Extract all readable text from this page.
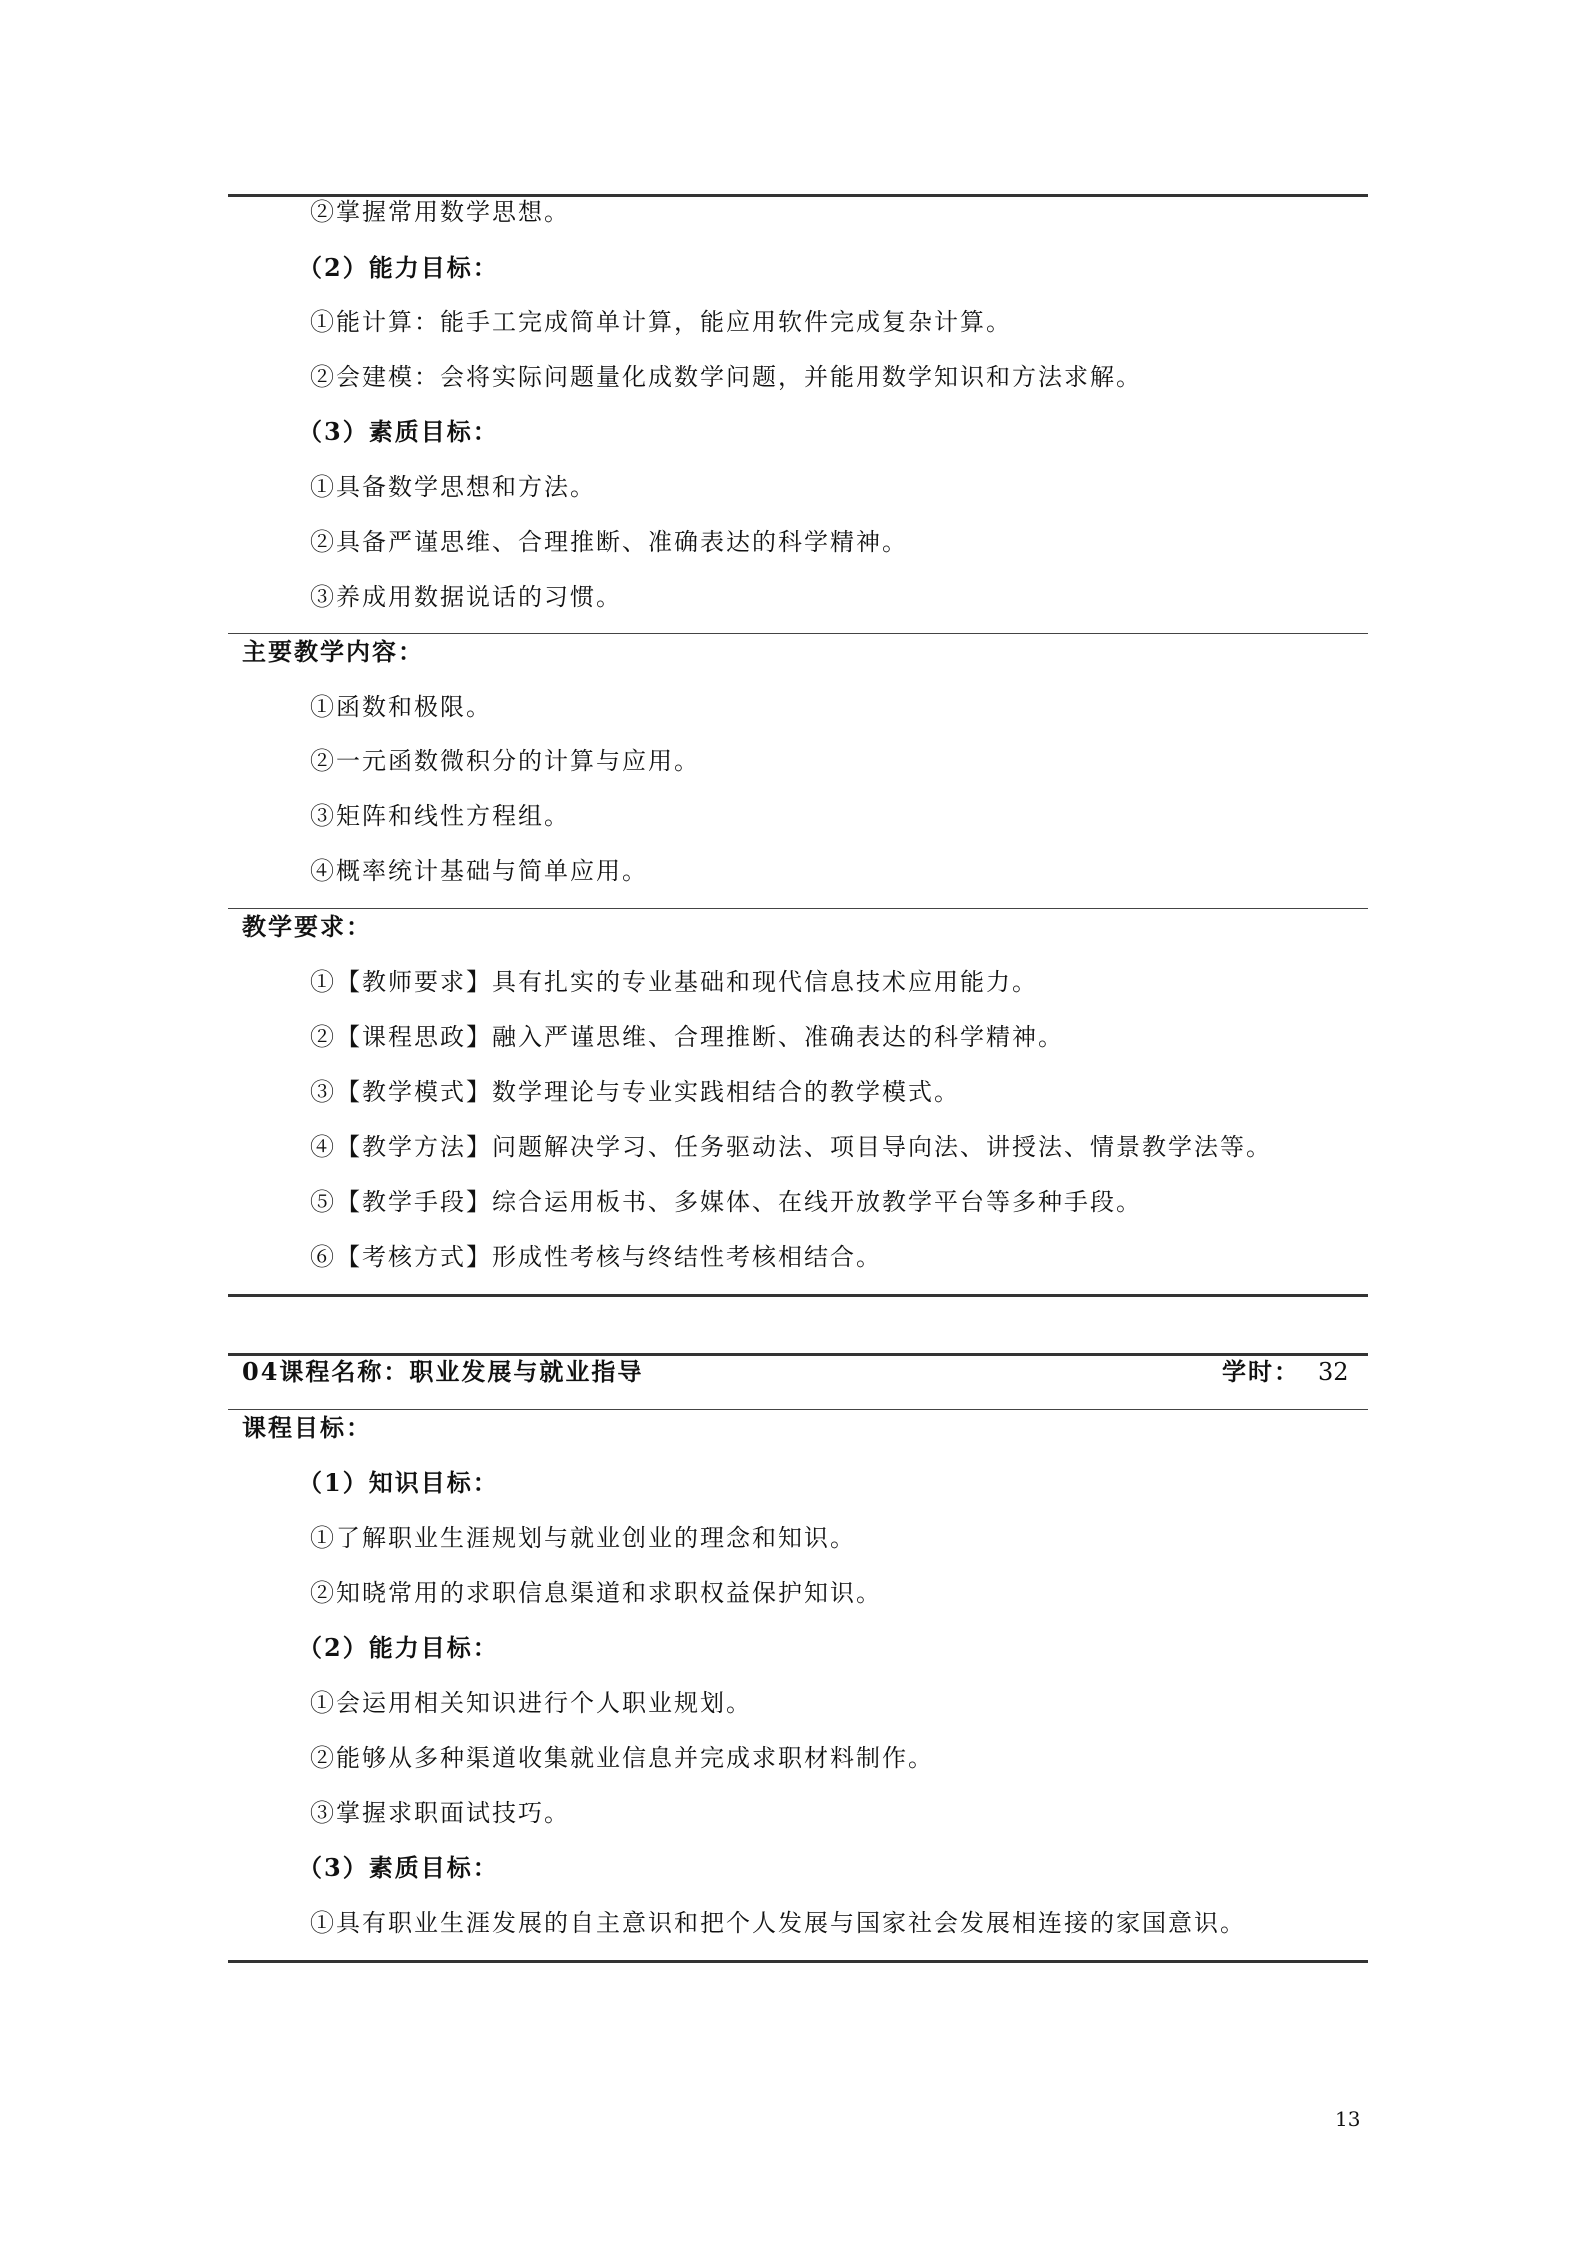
②掌握常用数学思想。
（2）能力目标：
①能计算：能手工完成简单计算，能应用软件完成复杂计算。
②会建模：会将实际问题量化成数学问题，并能用数学知识和方法求解。
（3）素质目标：
①具备数学思想和方法。
②具备严谨思维、合理推断、准确表达的科学精神。
③养成用数据说话的习惯。
主要教学内容：
①函数和极限。
②一元函数微积分的计算与应用。
③矩阵和线性方程组。
④概率统计基础与简单应用。
教学要求：
①【教师要求】具有扎实的专业基础和现代信息技术应用能力。
②【课程思政】融入严谨思维、合理推断、准确表达的科学精神。
③【教学模式】数学理论与专业实践相结合的教学模式。
④【教学方法】问题解决学习、任务驱动法、项目导向法、讲授法、情景教学法等。
⑤【教学手段】综合运用板书、多媒体、在线开放教学平台等多种手段。
⑥【考核方式】形成性考核与终结性考核相结合。
04课程名称：职业发展与就业指导	学时： 32
课程目标：
（1）知识目标：
①了解职业生涯规划与就业创业的理念和知识。
②知晓常用的求职信息渠道和求职权益保护知识。
（2）能力目标：
①会运用相关知识进行个人职业规划。
②能够从多种渠道收集就业信息并完成求职材料制作。
③掌握求职面试技巧。
（3）素质目标：
①具有职业生涯发展的自主意识和把个人发展与国家社会发展相连接的家国意识。
13
